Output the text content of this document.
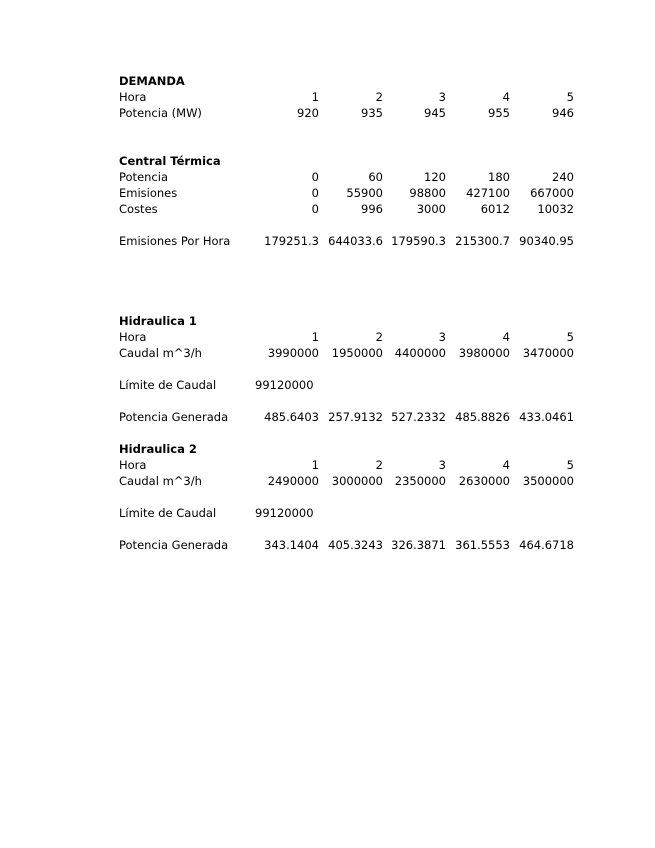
DEMANDA
Hora	1	2	3	4	5
Potencia (MW)	920	935	945	955	946
Central Térmica
Potencia	0	60	120	180	240
Emisiones	0	55900	98800	427100	667000
Costes	0	996	3000	6012	10032
Emisiones Por Hora	179251.3 644033.6 179590.3 215300.7 90340.95
Hidraulica 1
Hora	1	2	3	4	5
Caudal m^3/h	3990000	1950000	4400000	3980000	3470000
Límite de Caudal	99120000
Potencia Generada	485.6403 257.9132 527.2332 485.8826 433.0461
Hidraulica 2
Hora	1	2	3	4	5
Caudal m^3/h	2490000	3000000	2350000	2630000	3500000
Límite de Caudal	99120000
Potencia Generada	343.1404 405.3243 326.3871 361.5553 464.6718
